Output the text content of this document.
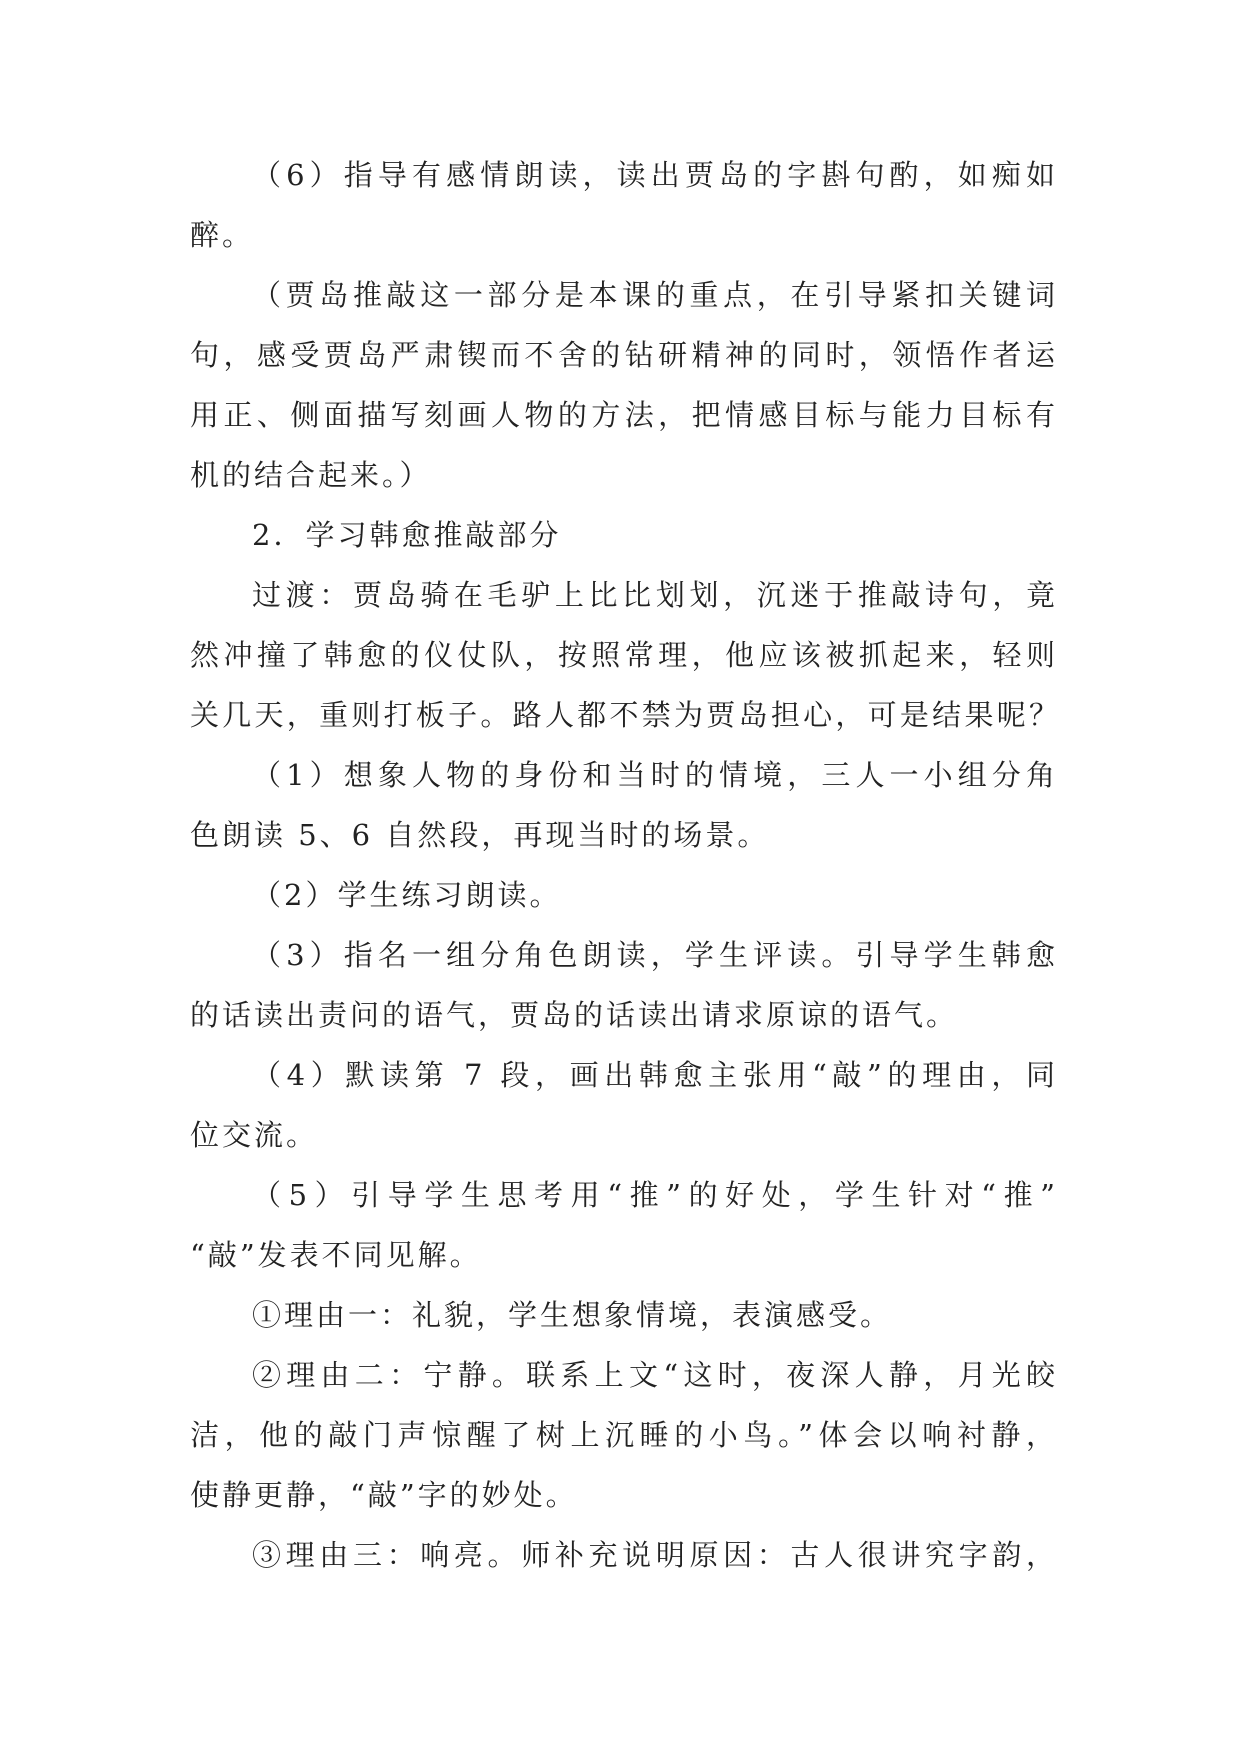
（6）指导有感情朗读，读出贾岛的字斟句酌，如痴如
醉。
（贾岛推敲这一部分是本课的重点，在引导紧扣关键词
句，感受贾岛严肃锲而不舍的钻研精神的同时，领悟作者运
用正、侧面描写刻画人物的方法，把情感目标与能力目标有
机的结合起来。）
2．学习韩愈推敲部分
过渡：贾岛骑在毛驴上比比划划，沉迷于推敲诗句，竟
然冲撞了韩愈的仪仗队，按照常理，他应该被抓起来，轻则
关几天，重则打板子。路人都不禁为贾岛担心，可是结果呢？
（1）想象人物的身份和当时的情境，三人一小组分角
色朗读 5、6 自然段，再现当时的场景。
（2）学生练习朗读。
（3）指名一组分角色朗读，学生评读。引导学生韩愈
的话读出责问的语气，贾岛的话读出请求原谅的语气。
（4）默读第 7 段，画出韩愈主张用“敲”的理由，同
位交流。
（5）引导学生思考用“推”的好处，学生针对“推”
“敲”发表不同见解。
①理由一：礼貌，学生想象情境，表演感受。
②理由二：宁静。联系上文“这时，夜深人静，月光皎
洁，他的敲门声惊醒了树上沉睡的小鸟。”体会以响衬静，
使静更静，“敲”字的妙处。
③理由三：响亮。师补充说明原因：古人很讲究字韵，
